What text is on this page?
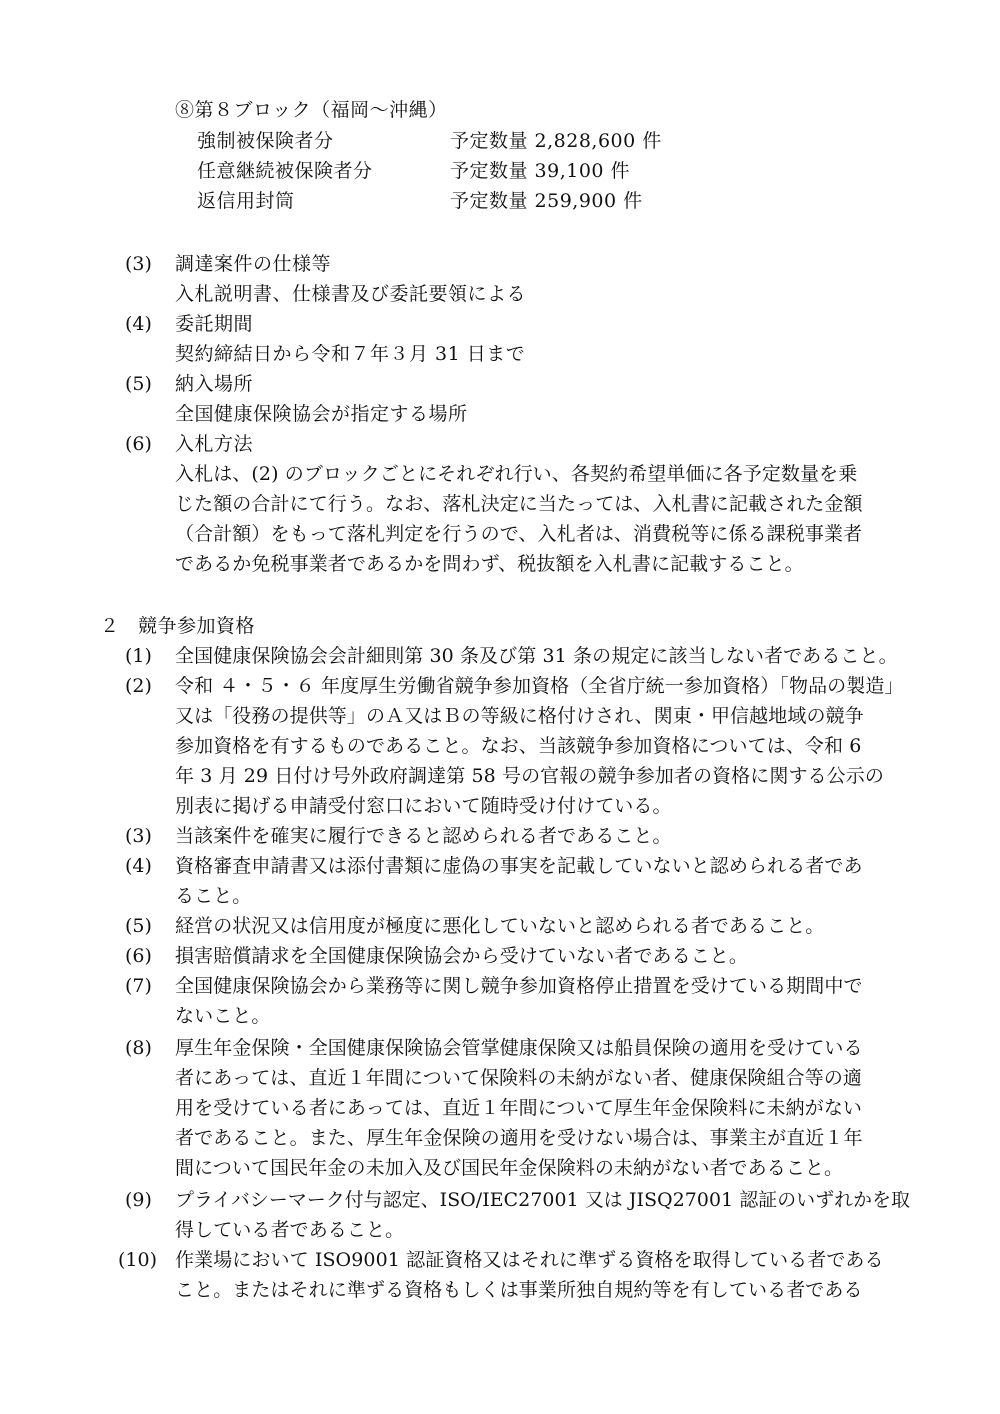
⑧第８ブロック（福岡～沖縄）
強制被保険者分	予定数量 2,828,600 件
任意継続被保険者分	予定数量 39,100 件
返信用封筒	予定数量 259,900 件
(3) 調達案件の仕様等
入札説明書、仕様書及び委託要領による
(4) 委託期間
契約締結日から令和７年３月 31 日まで
(5) 納入場所
全国健康保険協会が指定する場所
(6) 入札方法
入札は、(2) のブロックごとにそれぞれ行い、各契約希望単価に各予定数量を乗
じた額の合計にて行う。なお、落札決定に当たっては、入札書に記載された金額
（合計額）をもって落札判定を行うので、入札者は、消費税等に係る課税事業者
であるか免税事業者であるかを問わず、税抜額を入札書に記載すること。
２ 競争参加資格
(1) 全国健康保険協会会計細則第 30 条及び第 31 条の規定に該当しない者であること。
(2) 令和 ４・５・６ 年度厚生労働省競争参加資格（全省庁統一参加資格）「物品の製造」
又は「役務の提供等」のＡ又はＢの等級に格付けされ、関東・甲信越地域の競争
参加資格を有するものであること。なお、当該競争参加資格については、令和 6
年 3 月 29 日付け号外政府調達第 58 号の官報の競争参加者の資格に関する公示の
別表に掲げる申請受付窓口において随時受け付けている。
(3) 当該案件を確実に履行できると認められる者であること。
(4) 資格審査申請書又は添付書類に虚偽の事実を記載していないと認められる者であ
ること。
(5) 経営の状況又は信用度が極度に悪化していないと認められる者であること。
(6) 損害賠償請求を全国健康保険協会から受けていない者であること。
(7) 全国健康保険協会から業務等に関し競争参加資格停止措置を受けている期間中で
ないこと。
(8) 厚生年金保険・全国健康保険協会管掌健康保険又は船員保険の適用を受けている
者にあっては、直近１年間について保険料の未納がない者、健康保険組合等の適
用を受けている者にあっては、直近１年間について厚生年金保険料に未納がない
者であること。また、厚生年金保険の適用を受けない場合は、事業主が直近１年
間について国民年金の未加入及び国民年金保険料の未納がない者であること。
(9) プライバシーマーク付与認定、ISO/IEC27001 又は JISQ27001 認証のいずれかを取
得している者であること。
(10) 作業場において ISO9001 認証資格又はそれに準ずる資格を取得している者である
こと。またはそれに準ずる資格もしくは事業所独自規約等を有している者である
